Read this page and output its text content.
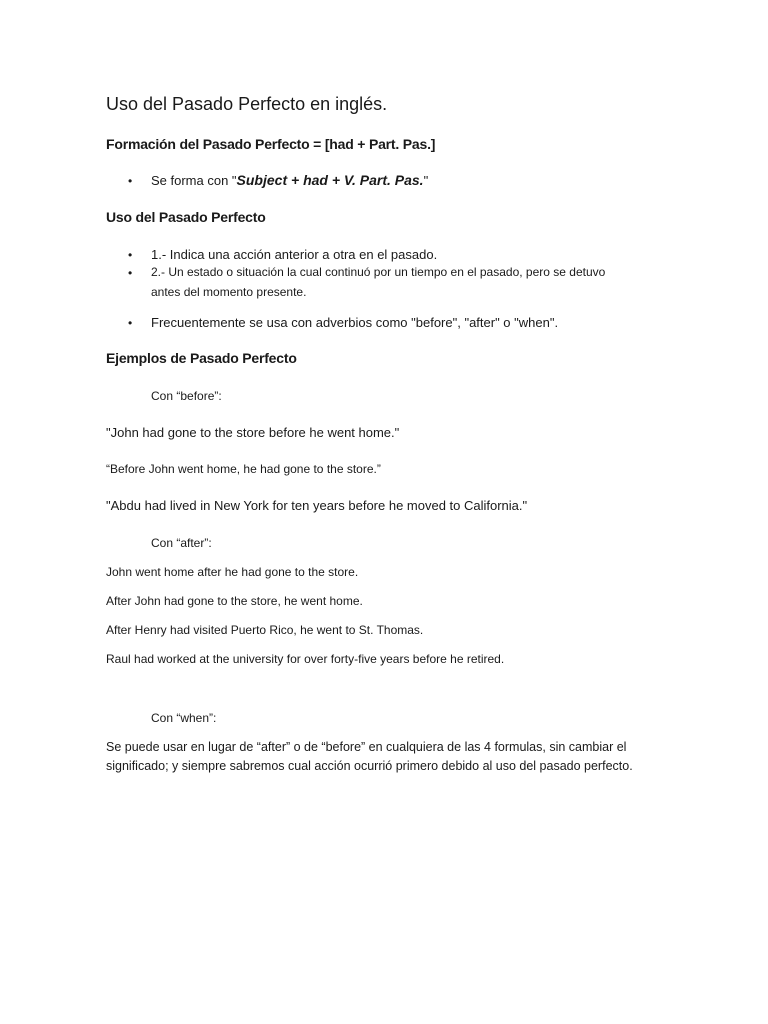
Uso del Pasado Perfecto en inglés.
Formación del Pasado Perfecto = [had + Part. Pas.]
• Se forma con "Subject + had + V. Part. Pas."
Uso del Pasado Perfecto
• 1.- Indica una acción anterior a otra en el pasado.
• 2.- Un estado o situación la cual continuó por un tiempo en el pasado, pero se detuvo
antes del momento presente.
• Frecuentemente se usa con adverbios como "before", "after" o "when".
Ejemplos de Pasado Perfecto
Con “before”:
"John had gone to the store before he went home."
“Before John went home, he had gone to the store.”
"Abdu had lived in New York for ten years before he moved to California."
Con “after”:
John went home after he had gone to the store.
After John had gone to the store, he went home.
After Henry had visited Puerto Rico, he went to St. Thomas.
Raul had worked at the university for over forty-five years before he retired.
Con “when”:
Se puede usar en lugar de “after” o de “before” en cualquiera de las 4 formulas, sin cambiar el significado; y siempre sabremos cual acción ocurrió primero debido al uso del pasado perfecto.
